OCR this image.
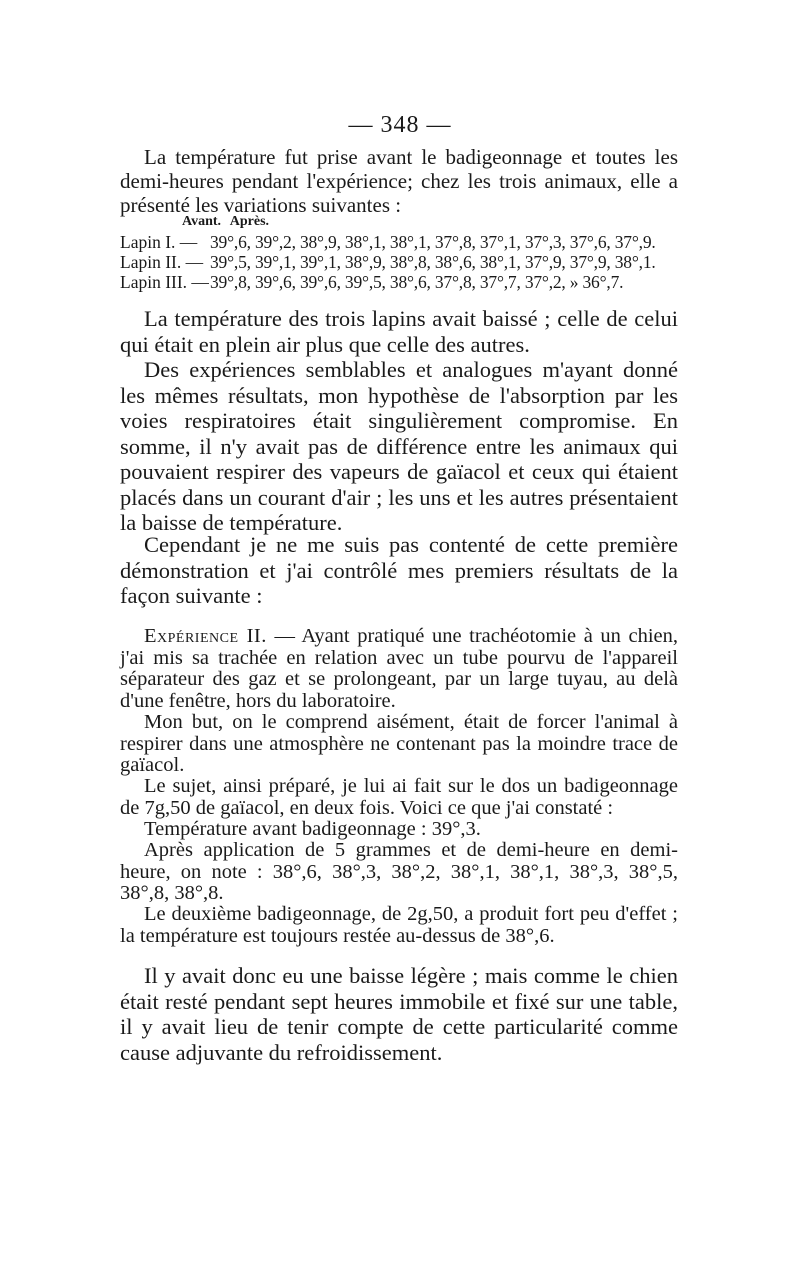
— 348 —

La température fut prise avant le badigeonnage et toutes les demi-heures pendant l'expérience; chez les trois animaux, elle a présenté les variations suivantes :

Avant. Après.
Lapin I. — 39°,6, 39°,2, 38°,9, 38°,1, 38°,1, 37°,8, 37°,1, 37°,3, 37°,6, 37°,9.
Lapin II. — 39°,5, 39°,1, 39°,1, 38°,9, 38°,8, 38°,6, 38°,1, 37°,9, 37°,9, 38°,1.
Lapin III. —39°,8, 39°,6, 39°,6, 39°,5, 38°,6, 37°,8, 37°,7, 37°,2, » 36°,7.

La température des trois lapins avait baissé ; celle de celui qui était en plein air plus que celle des autres.

Des expériences semblables et analogues m'ayant donné les mêmes résultats, mon hypothèse de l'absorption par les voies respiratoires était singulièrement compromise. En somme, il n'y avait pas de différence entre les animaux qui pouvaient respirer des vapeurs de gaïacol et ceux qui étaient placés dans un courant d'air ; les uns et les autres présentaient la baisse de température.

Cependant je ne me suis pas contenté de cette première démonstration et j'ai contrôlé mes premiers résultats de la façon suivante :

Expérience II. — Ayant pratiqué une trachéotomie à un chien, j'ai mis sa trachée en relation avec un tube pourvu de l'appareil séparateur des gaz et se prolongeant, par un large tuyau, au delà d'une fenêtre, hors du laboratoire.

Mon but, on le comprend aisément, était de forcer l'animal à respirer dans une atmosphère ne contenant pas la moindre trace de gaïacol.

Le sujet, ainsi préparé, je lui ai fait sur le dos un badigeonnage de 7g,50 de gaïacol, en deux fois. Voici ce que j'ai constaté :

Température avant badigeonnage : 39°,3.

Après application de 5 grammes et de demi-heure en demi-heure, on note : 38°,6, 38°,3, 38°,2, 38°,1, 38°,1, 38°,3, 38°,5, 38°,8, 38°,8.

Le deuxième badigeonnage, de 2g,50, a produit fort peu d'effet ; la température est toujours restée au-dessus de 38°,6.

Il y avait donc eu une baisse légère ; mais comme le chien était resté pendant sept heures immobile et fixé sur une table, il y avait lieu de tenir compte de cette particularité comme cause adjuvante du refroidissement.
